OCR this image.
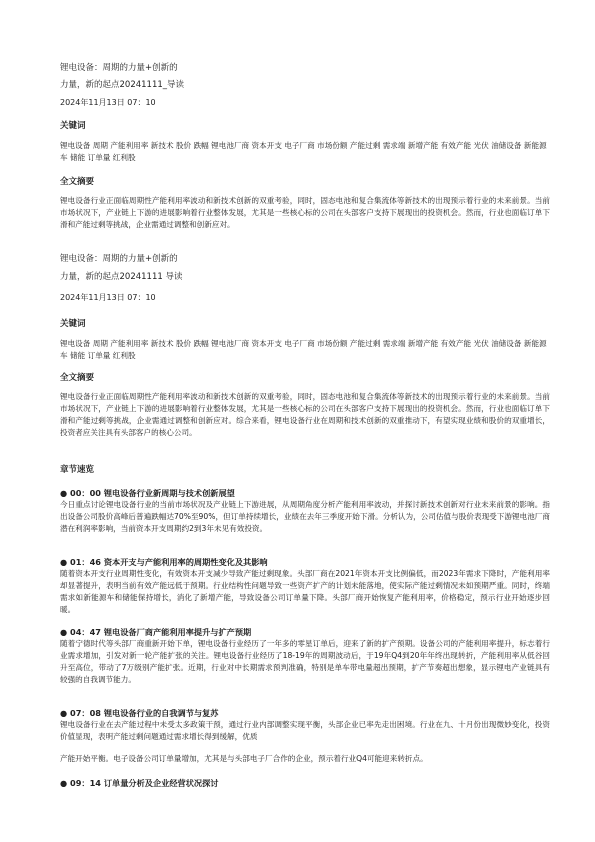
锂电设备：周期的力量+创新的
力量，新的起点20241111_导读
2024年11月13日 07：10
关键词

锂电设备 周期 产能利用率 新技术 股价 跌幅 锂电池厂商 资本开支 电子厂商 市场份额 产能过剩 需求端 新增产能 有效产能 光伏 油储设备 新能源车 储能 订单量 红利股

全文摘要

锂电设备行业正面临周期性产能利用率波动和新技术创新的双重考验，同时，固态电池和复合集流体等新技术的出现预示着行业的未来前景。当前市场状况下，产业链上下游的进展影响着行业整体发展，尤其是一些核心标的公司在头部客户支持下展现出的投资机会。然而，行业也面临订单下滑和产能过剩等挑战，企业需通过调整和创新应对。

锂电设备：周期的力量+创新的
力量，新的起点20241111 导读
2024年11月13日 07：10
关键词

锂电设备 周期 产能利用率 新技术 股价 跌幅 锂电池厂商 资本开支 电子厂商 市场份额 产能过剩 需求端 新增产能 有效产能 光伏 油储设备 新能源车 储能 订单量 红利股

全文摘要

锂电设备行业正面临周期性产能利用率波动和新技术创新的双重考验，同时，固态电池和复合集流体等新技术的出现预示着行业的未来前景。当前市场状况下，产业链上下游的进展影响着行业整体发展，尤其是一些核心标的公司在头部客户支持下展现出的投资机会。然而，行业也面临订单下滑和产能过剩等挑战，企业需通过调整和创新应对。综合来看，锂电设备行业在周期和技术创新的双重推动下，有望实现业绩和股价的双重增长，投资者应关注具有头部客户的核心公司。

章节速览
● 00：00 锂电设备行业新周期与技术创新展望

今日重点讨论锂电设备行业的当前市场状况及产业链上下游进展，从周期角度分析产能利用率波动，并探讨新技术创新对行业未来前景的影响。指出设备公司股价高峰后普遍跌幅达70%至90%，但订单持续增长，业绩在去年三季度开始下滑。分析认为，公司估值与股价表现受下游锂电池厂商潜在利润率影响，当前资本开支周期约2到3年未见有效投资。

● 01：46 资本开支与产能利用率的周期性变化及其影响

随着资本开支行业周期性变化，有效资本开支减少导致产能过剩现象。头部厂商在2021年资本开支比例偏低，而2023年需求下降时，产能利用率却显著提升，表明当前有效产能远低于预期。行业结构性问题导致一些资产扩产的计划未能落地，使实际产能过剩情况未如预期严重。同时，终端需求如新能源车和储能保持增长，消化了新增产能，导致设备公司订单量下降。头部厂商开始恢复产能利用率，价格稳定，预示行业开始逐步回暖。

● 04：47 锂电设备厂商产能利用率提升与扩产预期

随着宁德时代等头部厂商重新开始下单，锂电设备行业经历了一年多的零星订单后，迎来了新的扩产预期。设备公司的产能利用率提升，标志着行业需求增加，引发对新一轮产能扩张的关注。锂电设备行业经历了18-19年的周期波动后，于19年Q4到20年年终出现转折，产能利用率从低谷回升至高位，带动了7万级别产能扩张。近期，行业对中长期需求预判准确，特别是单车带电量超出预期，扩产节奏超出想象，显示锂电产业链具有较强的自我调节能力。

● 07：08 锂电设备行业的自我调节与复苏

锂电设备行业在去产能过程中未受太多政策干预，通过行业内部调整实现平衡，头部企业已率先走出困境。行业在九、十月份出现微妙变化，投资价值显现，表明产能过剩问题通过需求增长得到缓解，优质

产能开始平衡。电子设备公司订单量增加，尤其是与头部电子厂合作的企业，预示着行业Q4可能迎来转折点。

● 09：14 订单量分析及企业经营状况探讨
